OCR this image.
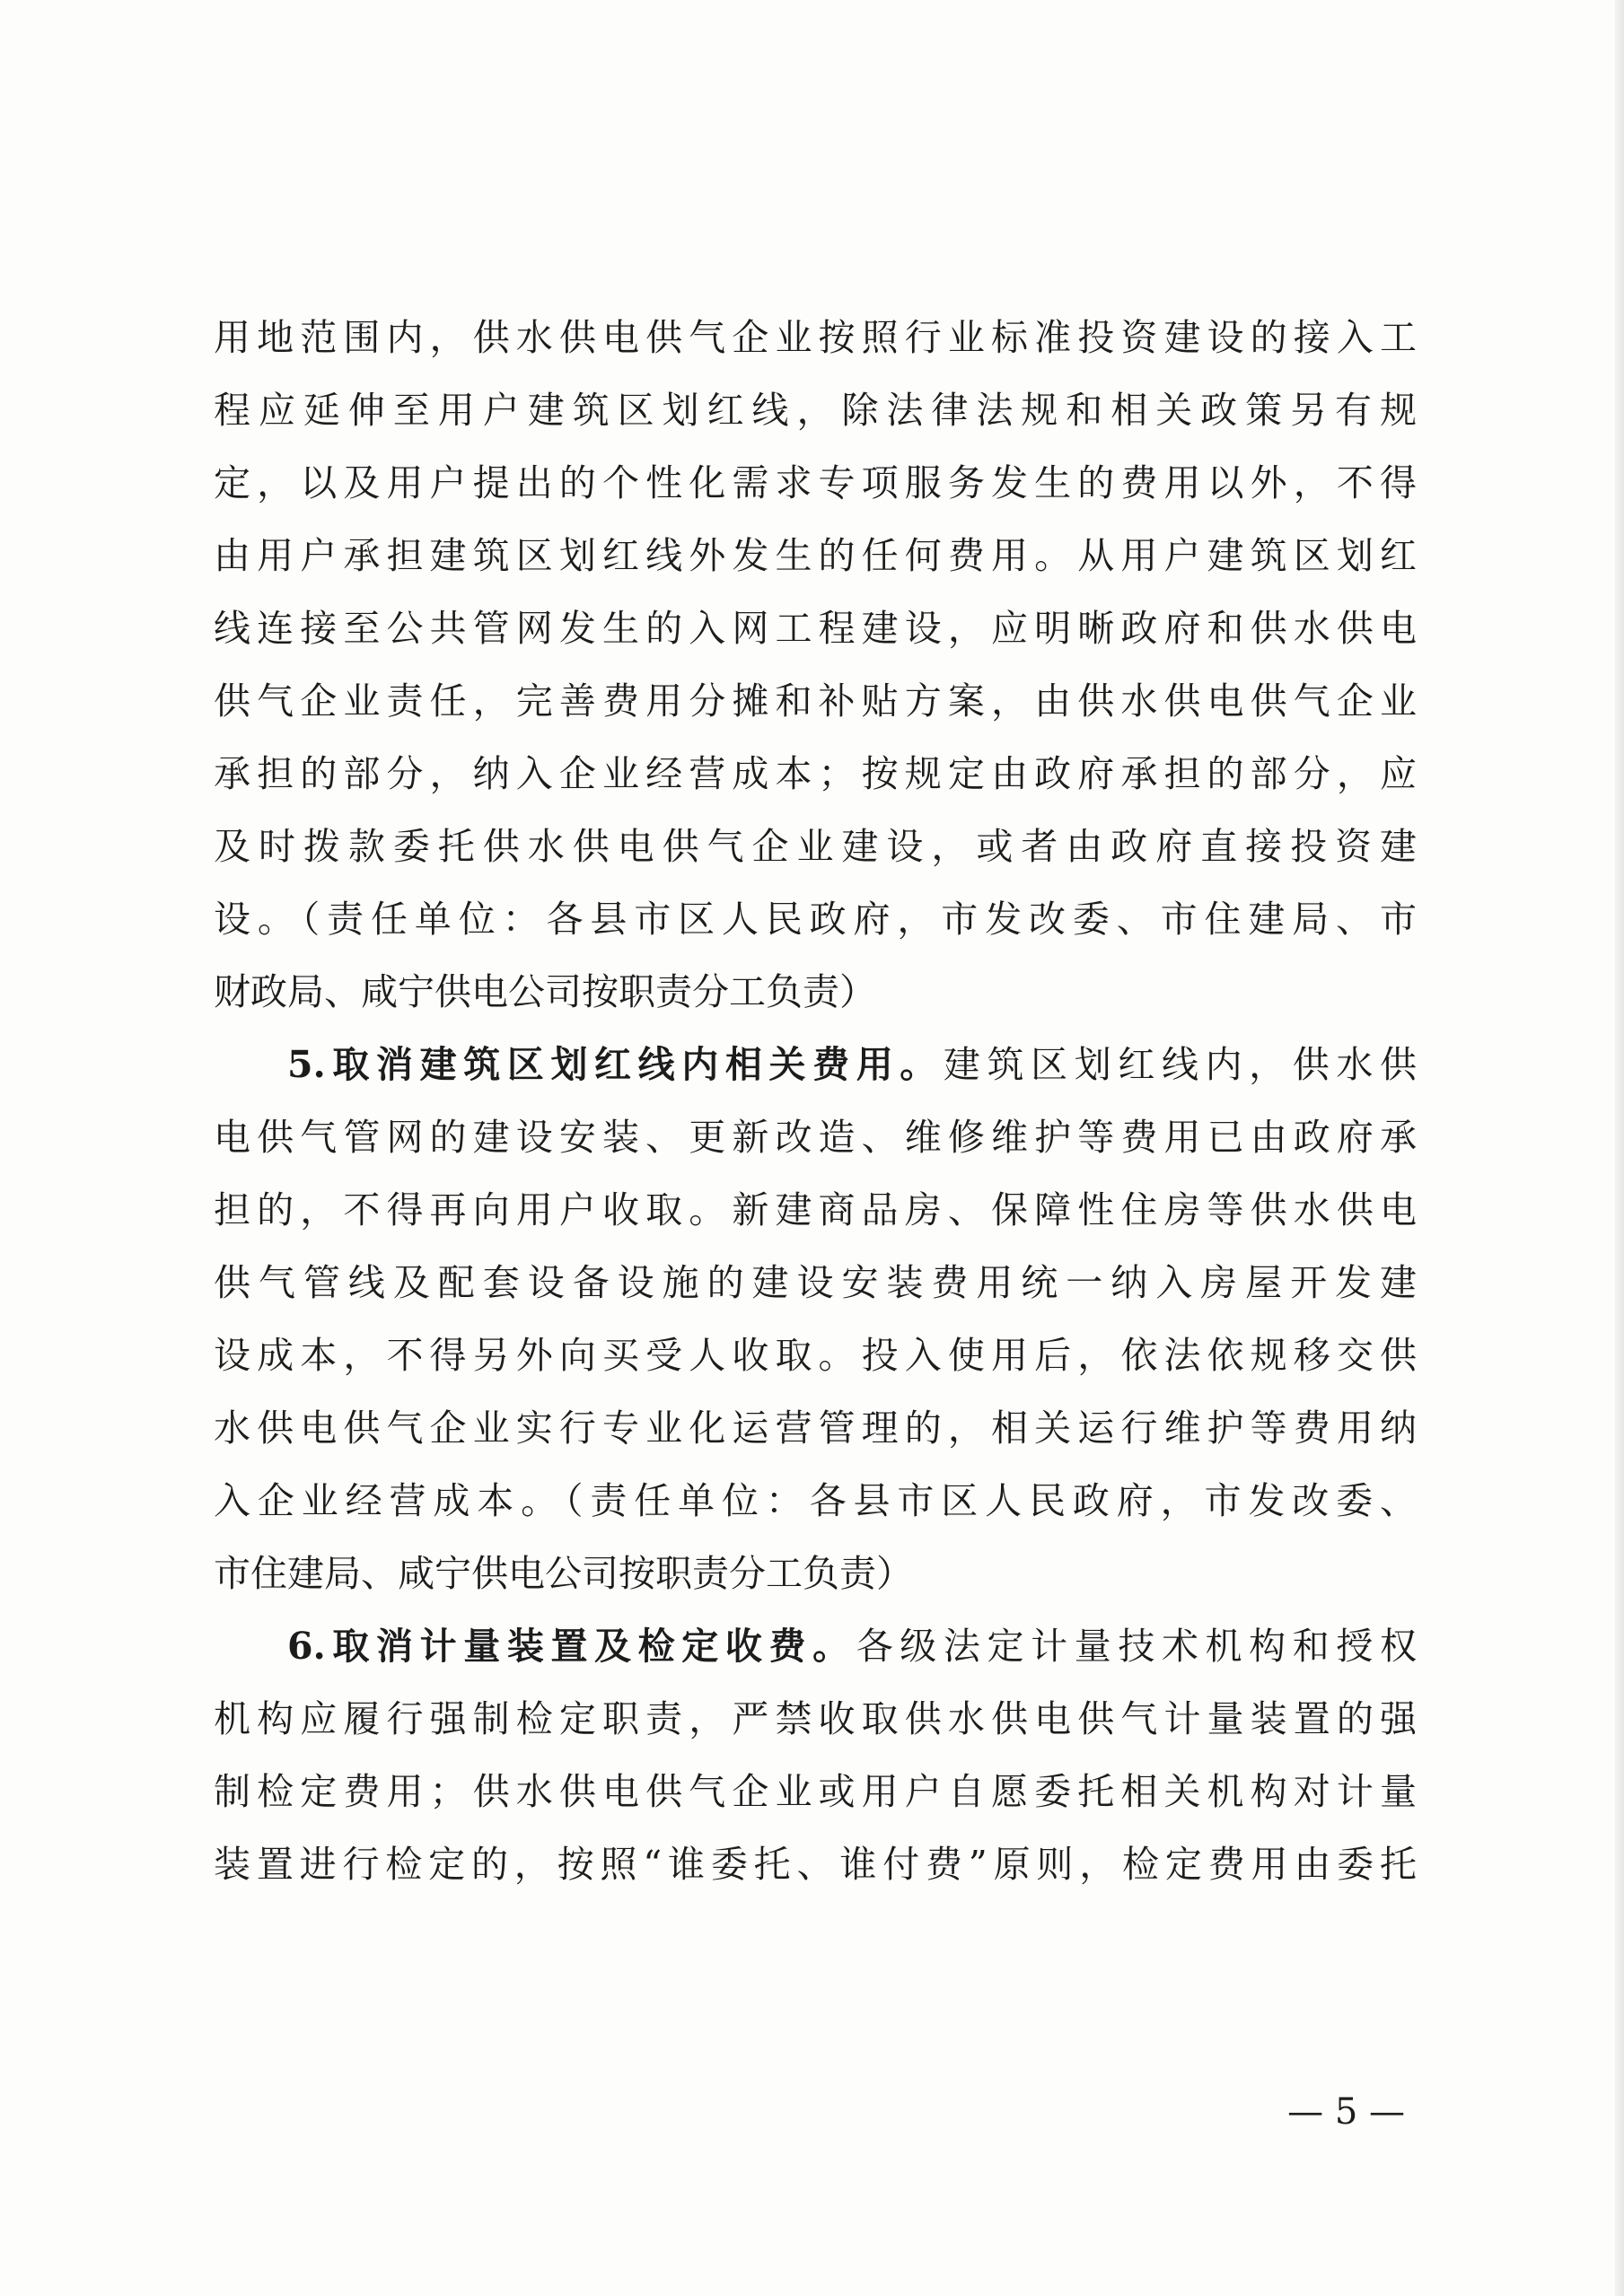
用地范围内，供水供电供气企业按照行业标准投资建设的接入工
程应延伸至用户建筑区划红线，除法律法规和相关政策另有规
定，以及用户提出的个性化需求专项服务发生的费用以外，不得
由用户承担建筑区划红线外发生的任何费用。从用户建筑区划红
线连接至公共管网发生的入网工程建设，应明晰政府和供水供电
供气企业责任，完善费用分摊和补贴方案，由供水供电供气企业
承担的部分，纳入企业经营成本；按规定由政府承担的部分，应
及时拨款委托供水供电供气企业建设，或者由政府直接投资建
设。（责任单位：各县市区人民政府，市发改委、市住建局、市
财政局、咸宁供电公司按职责分工负责）
5.取消建筑区划红线内相关费用。建筑区划红线内，供水供
电供气管网的建设安装、更新改造、维修维护等费用已由政府承
担的，不得再向用户收取。新建商品房、保障性住房等供水供电
供气管线及配套设备设施的建设安装费用统一纳入房屋开发建
设成本，不得另外向买受人收取。投入使用后，依法依规移交供
水供电供气企业实行专业化运营管理的，相关运行维护等费用纳
入企业经营成本。（责任单位：各县市区人民政府，市发改委、
市住建局、咸宁供电公司按职责分工负责）
6.取消计量装置及检定收费。各级法定计量技术机构和授权
机构应履行强制检定职责，严禁收取供水供电供气计量装置的强
制检定费用；供水供电供气企业或用户自愿委托相关机构对计量
装置进行检定的，按照“谁委托、谁付费”原则，检定费用由委托
— 5 —
